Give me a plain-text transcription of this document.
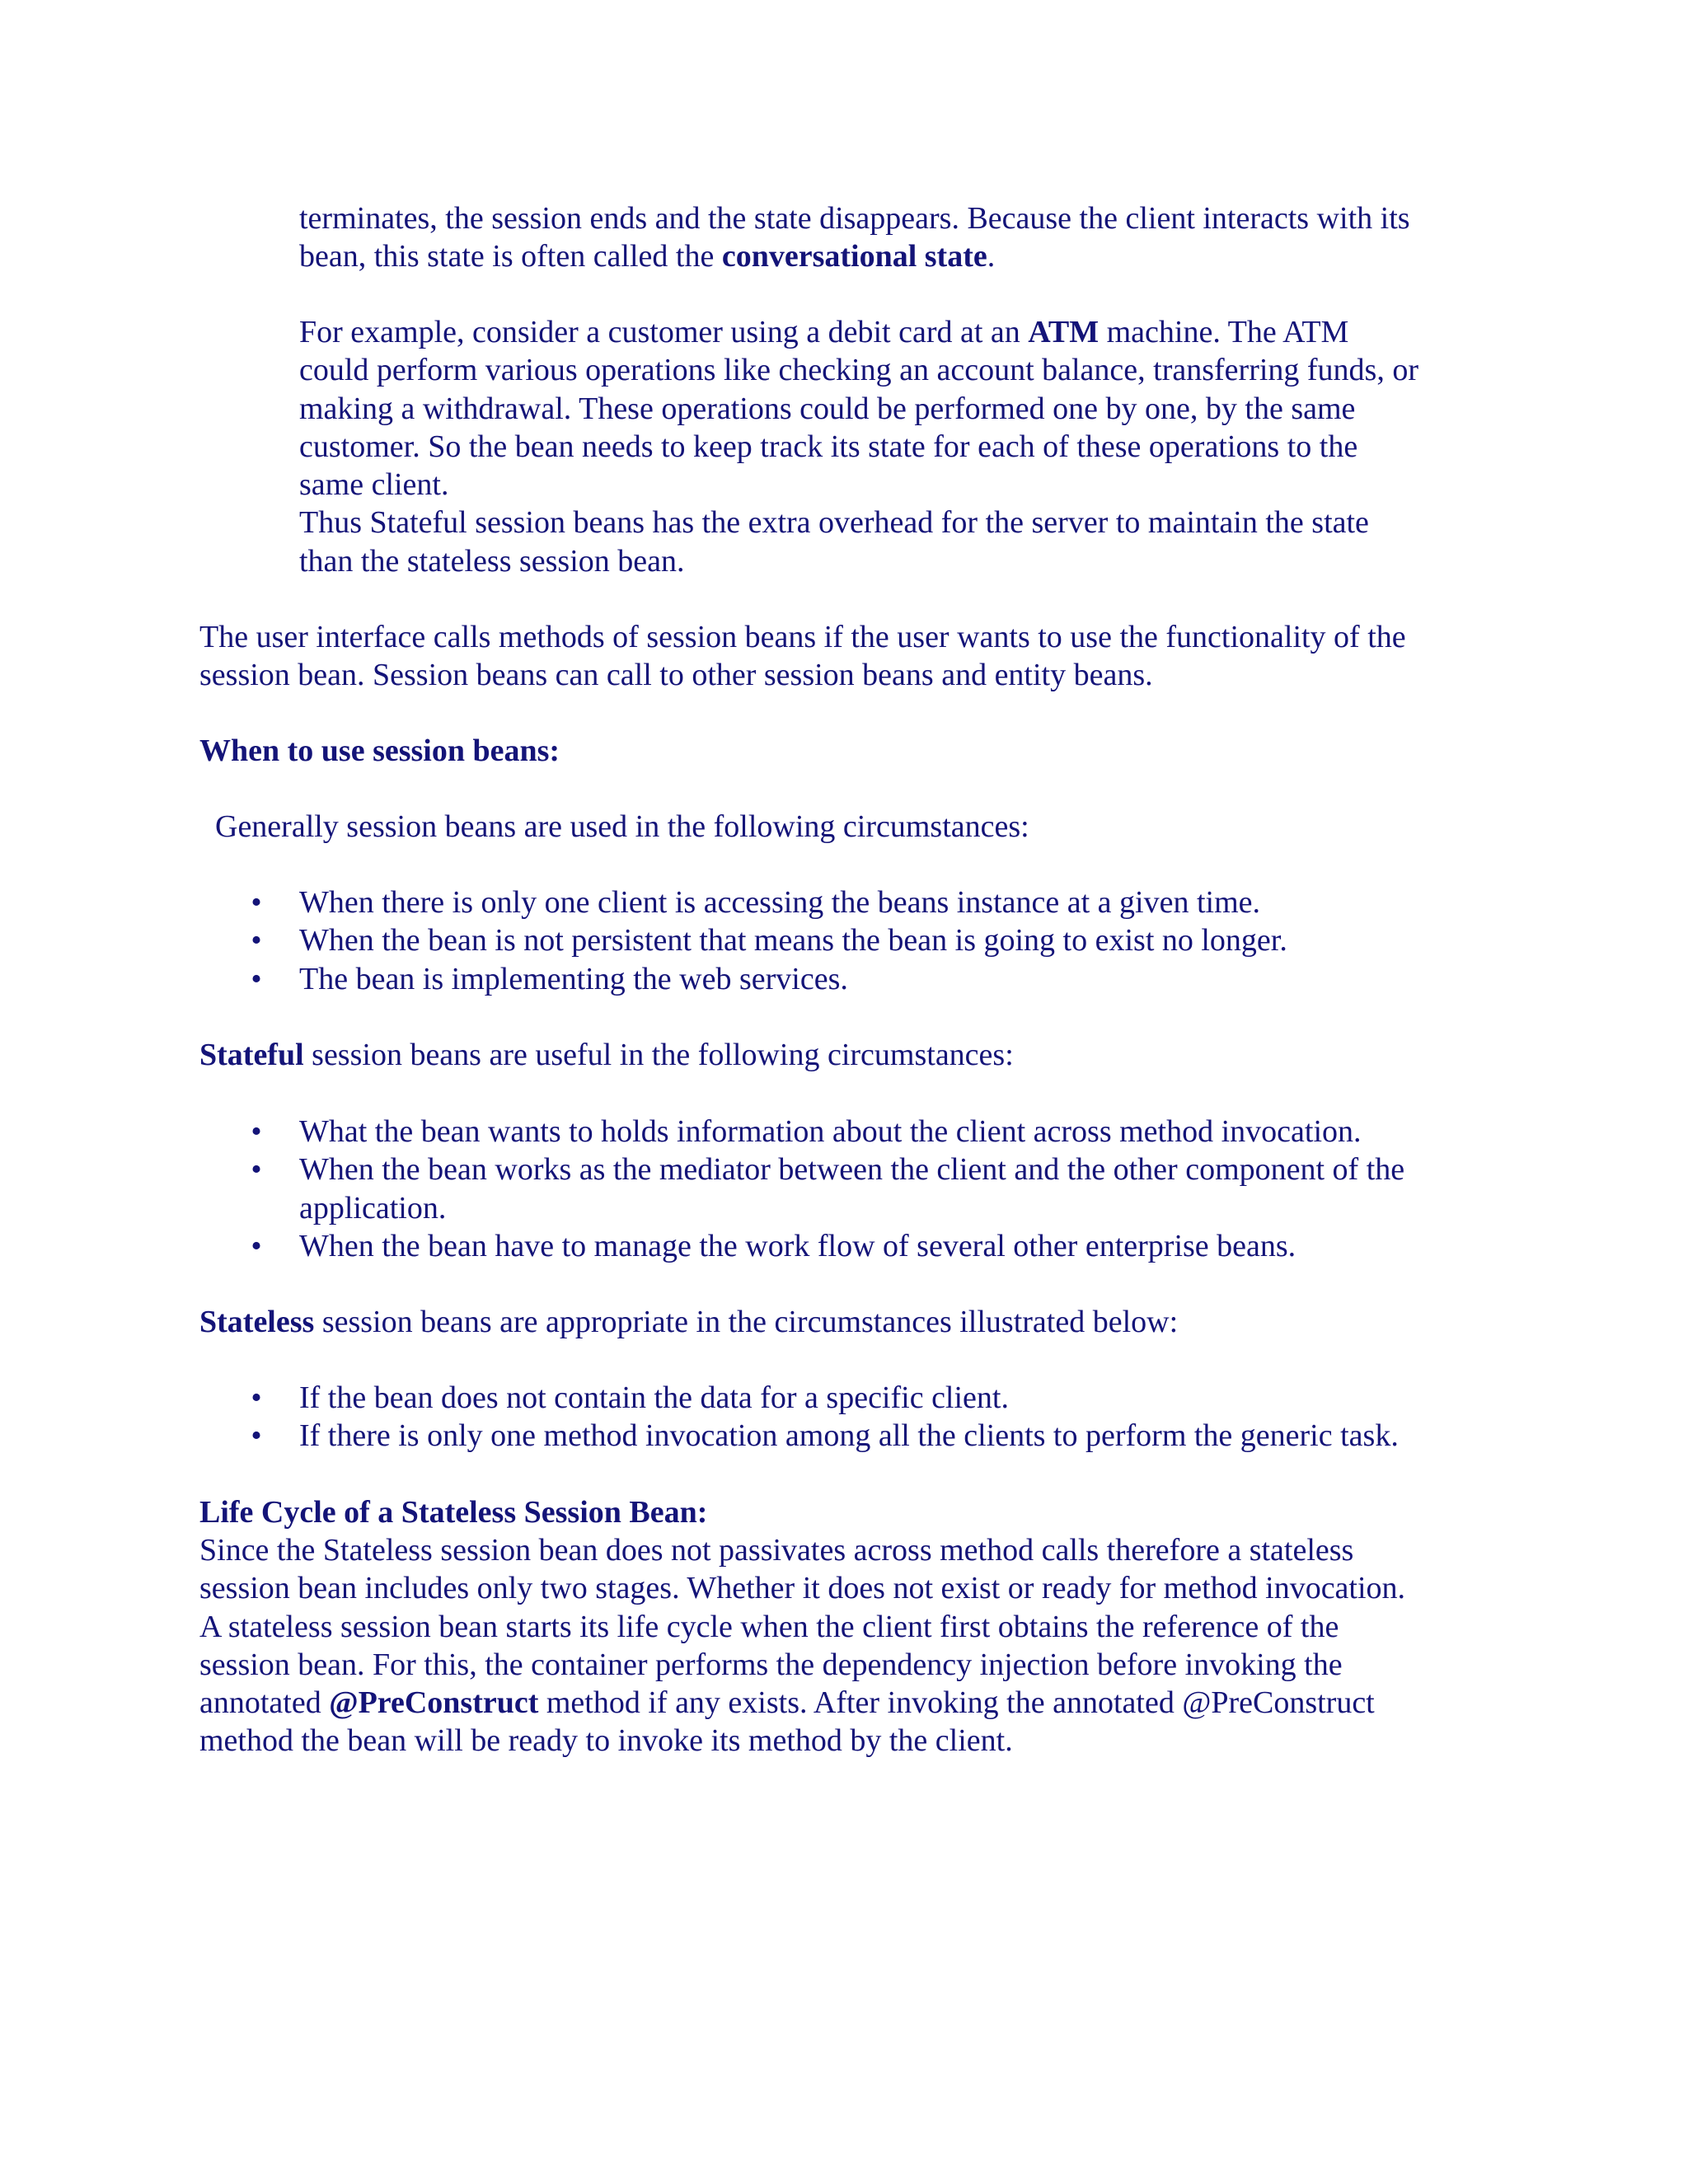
terminates, the session ends and the state disappears. Because the client interacts with its
bean, this state is often called the conversational state.
For example, consider a customer using a debit card at an ATM machine. The ATM
could perform various operations like checking an account balance, transferring funds, or
making a withdrawal. These operations could be performed one by one, by the same
customer. So the bean needs to keep track its state for each of these operations to the
same client.
Thus Stateful session beans has the extra overhead for the server to maintain the state
than the stateless session bean.
The user interface calls methods of session beans if the user wants to use the functionality of the
session bean. Session beans can call to other session beans and entity beans.
When to use session beans:
Generally session beans are used in the following circumstances:
• When there is only one client is accessing the beans instance at a given time.
• When the bean is not persistent that means the bean is going to exist no longer.
• The bean is implementing the web services.
Stateful session beans are useful in the following circumstances:
• What the bean wants to holds information about the client across method invocation.
• When the bean works as the mediator between the client and the other component of the
application.
• When the bean have to manage the work flow of several other enterprise beans.
Stateless session beans are appropriate in the circumstances illustrated below:
• If the bean does not contain the data for a specific client.
• If there is only one method invocation among all the clients to perform the generic task.
Life Cycle of a Stateless Session Bean:
Since the Stateless session bean does not passivates across method calls therefore a stateless
session bean includes only two stages. Whether it does not exist or ready for method invocation.
A stateless session bean starts its life cycle when the client first obtains the reference of the
session bean. For this, the container performs the dependency injection before invoking the
annotated @PreConstruct method if any exists. After invoking the annotated @PreConstruct
method the bean will be ready to invoke its method by the client.
